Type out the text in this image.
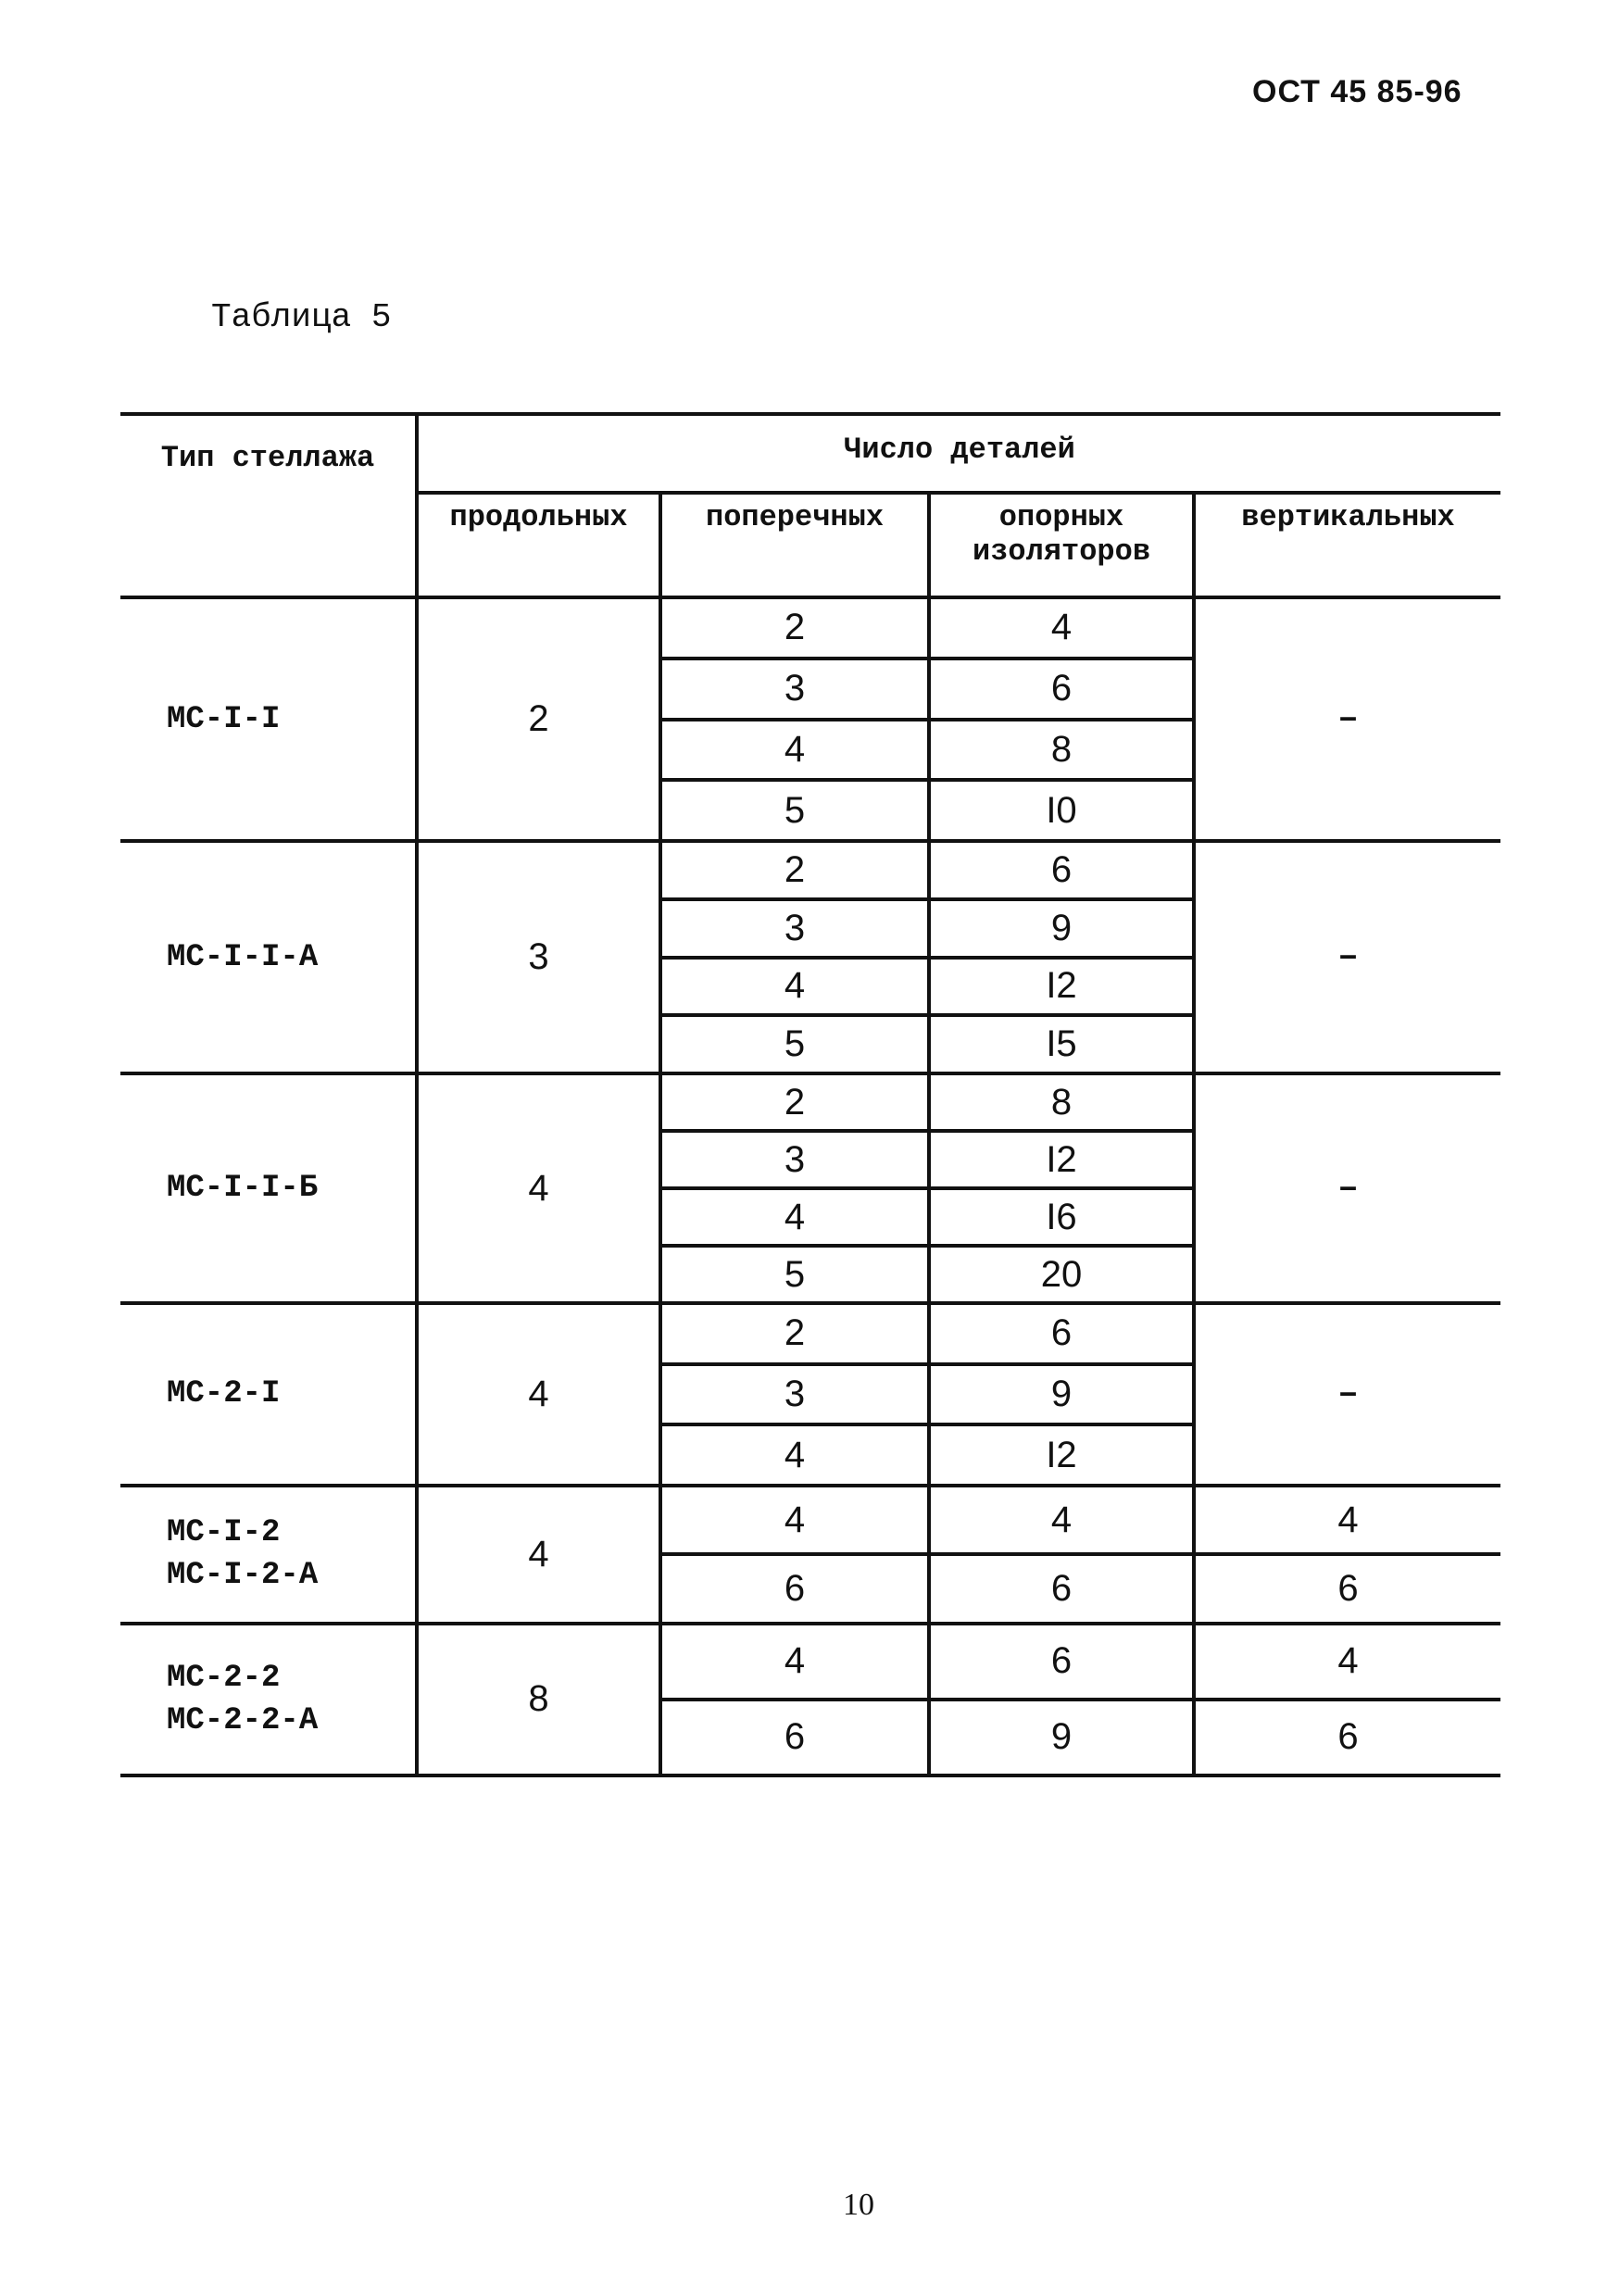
ОСТ 45 85-96
Таблица 5
Тип стеллажа	Число деталей			
	продольных	поперечных	опорных изоляторов	вертикальных
МС-I-I	2	2	4	–
		3	6	
		4	8	
		5	I0	
МС-I-I-А	3	2	6	–
		3	9	
		4	I2	
		5	I5	
МС-I-I-Б	4	2	8	–
		3	I2	
		4	I6	
		5	20	
МС-2-I	4	2	6	–
		3	9	
		4	I2	
МС-I-2
МС-I-2-А	4	4	4	4
		6	6	6
МС-2-2
МС-2-2-А	8	4	6	4
		6	9	6
10
